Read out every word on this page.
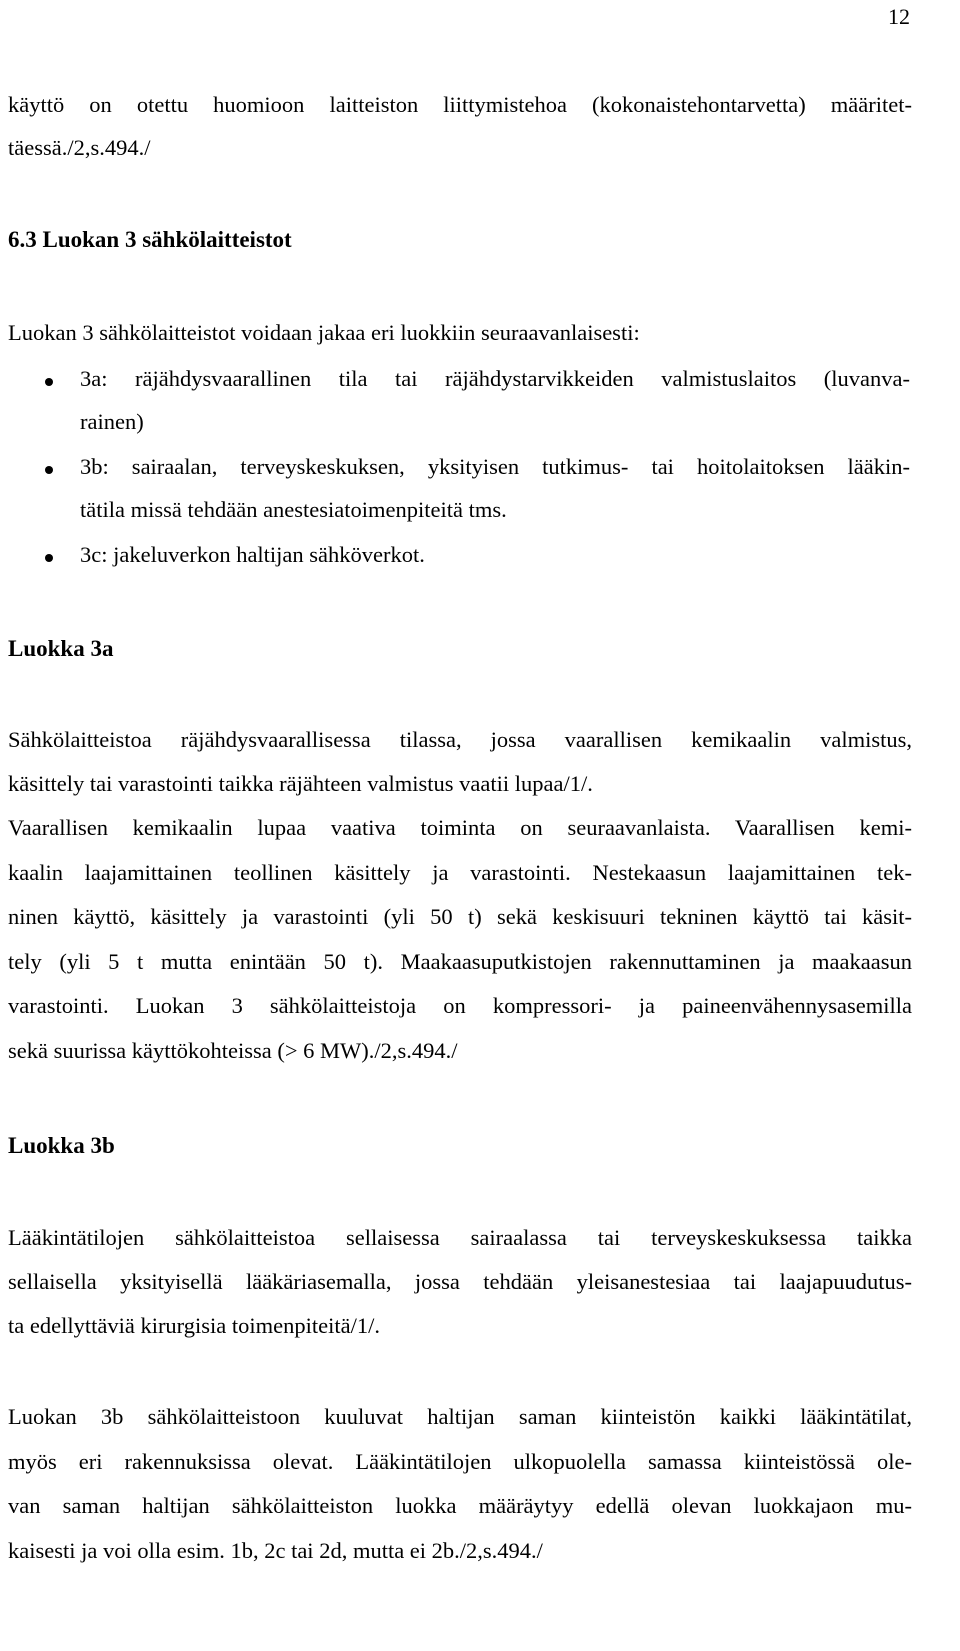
12
käyttö on otettu huomioon laitteiston liittymistehoa (kokonaistehontarvetta) määritet-
täessä./2,s.494./
6.3 Luokan 3 sähkölaitteistot
Luokan 3 sähkölaitteistot voidaan jakaa eri luokkiin seuraavanlaisesti:
3a: räjähdysvaarallinen tila tai räjähdystarvikkeiden valmistuslaitos (luvanva-
rainen)
3b: sairaalan, terveyskeskuksen, yksityisen tutkimus- tai hoitolaitoksen lääkin-
tätila missä tehdään anestesiatoimenpiteitä tms.
3c: jakeluverkon haltijan sähköverkot.
Luokka 3a
Sähkölaitteistoa räjähdysvaarallisessa tilassa, jossa vaarallisen kemikaalin valmistus,
käsittely tai varastointi taikka räjähteen valmistus vaatii lupaa/1/.
Vaarallisen kemikaalin lupaa vaativa toiminta on seuraavanlaista. Vaarallisen kemi-
kaalin laajamittainen teollinen käsittely ja varastointi. Nestekaasun laajamittainen tek-
ninen käyttö, käsittely ja varastointi (yli 50 t) sekä keskisuuri tekninen käyttö tai käsit-
tely (yli 5 t mutta enintään 50 t). Maakaasuputkistojen rakennuttaminen ja maakaasun
varastointi. Luokan 3 sähkölaitteistoja on kompressori- ja paineenvähennysasemilla
sekä suurissa käyttökohteissa (> 6 MW)./2,s.494./
Luokka 3b
Lääkintätilojen sähkölaitteistoa sellaisessa sairaalassa tai terveyskeskuksessa taikka
sellaisella yksityisellä lääkäriasemalla, jossa tehdään yleisanestesiaa tai laajapuudutus-
ta edellyttäviä kirurgisia toimenpiteitä/1/.
Luokan 3b sähkölaitteistoon kuuluvat haltijan saman kiinteistön kaikki lääkintätilat,
myös eri rakennuksissa olevat. Lääkintätilojen ulkopuolella samassa kiinteistössä ole-
van saman haltijan sähkölaitteiston luokka määräytyy edellä olevan luokkajaon mu-
kaisesti ja voi olla esim. 1b, 2c tai 2d, mutta ei 2b./2,s.494./
